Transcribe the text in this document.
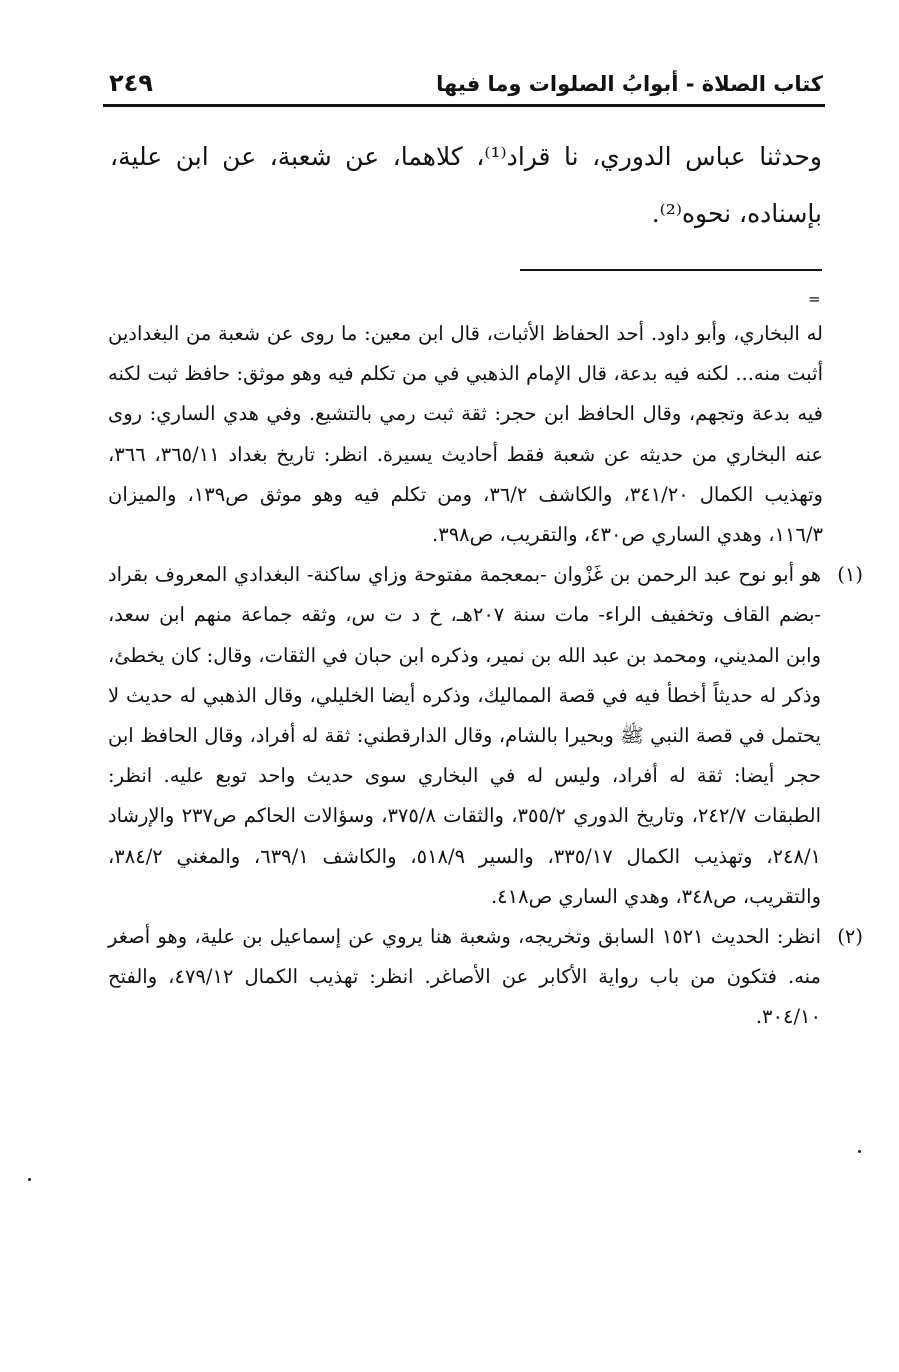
كتاب الصلاة - أبوابُ الصلوات وما فيها
٢٤٩
وحدثنا عباس الدوري، نا قراد⁽¹⁾، كلاهما، عن شعبة، عن ابن علية، بإسناده، نحوه⁽²⁾.
=

له البخاري، وأبو داود. أحد الحفاظ الأثبات، قال ابن معين: ما روى عن شعبة من البغدادين أثبت منه... لكنه فيه بدعة، قال الإمام الذهبي في من تكلم فيه وهو موثق: حافظ ثبت لكنه فيه بدعة وتجهم، وقال الحافظ ابن حجر: ثقة ثبت رمي بالتشيع. وفي هدي الساري: روى عنه البخاري من حديثه عن شعبة فقط أحاديث يسيرة. انظر: تاريخ بغداد ٣٦٥/١١، ٣٦٦، وتهذيب الكمال ٣٤١/٢٠، والكاشف ٣٦/٢، ومن تكلم فيه وهو موثق ص١٣٩، والميزان ١١٦/٣، وهدي الساري ص٤٣٠، والتقريب، ص٣٩٨.

(١)
هو أبو نوح عبد الرحمن بن غَزْوان -بمعجمة مفتوحة وزاي ساكنة- البغدادي المعروف بقراد -بضم القاف وتخفيف الراء- مات سنة ٢٠٧هـ، خ د ت س، وثقه جماعة منهم ابن سعد، وابن المديني، ومحمد بن عبد الله بن نمير، وذكره ابن حبان في الثقات، وقال: كان يخطئ، وذكر له حديثاً أخطأ فيه في قصة المماليك، وذكره أيضا الخليلي، وقال الذهبي له حديث لا يحتمل في قصة النبي ﷺ وبحيرا بالشام، وقال الدارقطني: ثقة له أفراد، وقال الحافظ ابن حجر أيضا: ثقة له أفراد، وليس له في البخاري سوى حديث واحد توبع عليه. انظر: الطبقات ٢٤٢/٧، وتاريخ الدوري ٣٥٥/٢، والثقات ٣٧٥/٨، وسؤالات الحاكم ص٢٣٧ والإرشاد ٢٤٨/١، وتهذيب الكمال ٣٣٥/١٧، والسير ٥١٨/٩، والكاشف ٦٣٩/١، والمغني ٣٨٤/٢، والتقريب، ص٣٤٨، وهدي الساري ص٤١٨.
(٢)
انظر: الحديث ١٥٢١ السابق وتخريجه، وشعبة هنا يروي عن إسماعيل بن علية، وهو أصغر منه. فتكون من باب رواية الأكابر عن الأصاغر. انظر: تهذيب الكمال ٤٧٩/١٢، والفتح ٣٠٤/١٠.
